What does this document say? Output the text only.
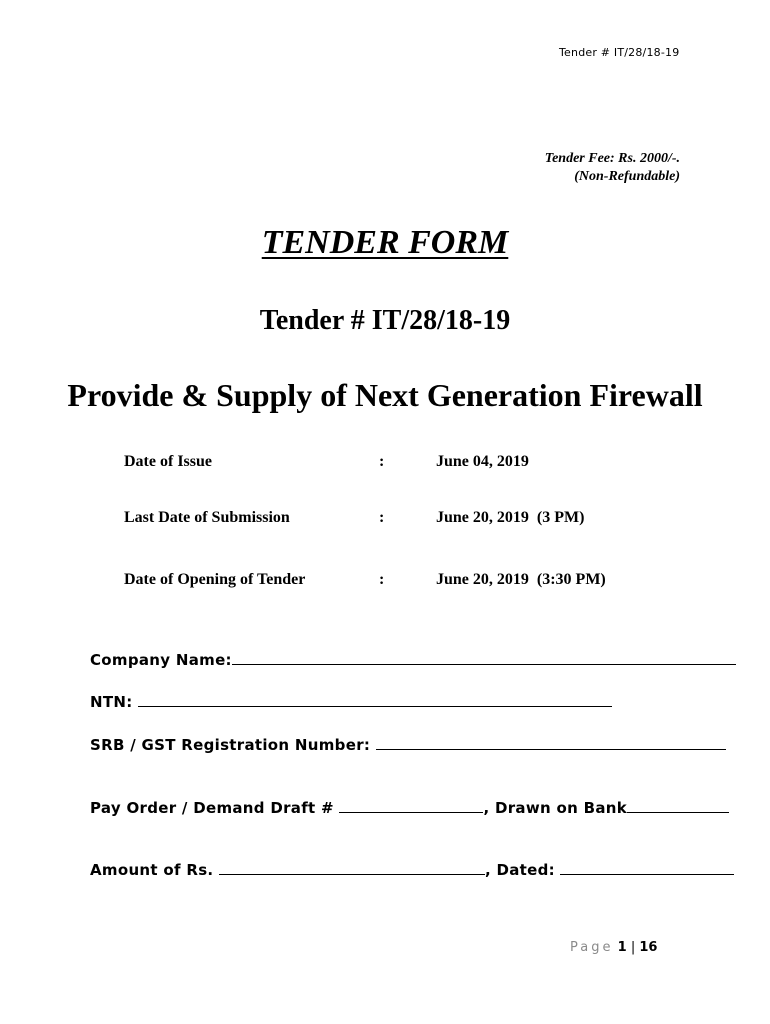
Tender # IT/28/18-19
Tender Fee: Rs. 2000/-.
(Non-Refundable)
TENDER FORM
Tender # IT/28/18-19
Provide & Supply of Next Generation Firewall
Date of Issue	:	June 04, 2019
Last Date of Submission	:	June 20, 2019  (3 PM)
Date of Opening of Tender	:	June 20, 2019  (3:30 PM)
Company Name:
NTN:
SRB / GST Registration Number:
Pay Order / Demand Draft #	, Drawn on Bank
Amount of Rs.	, Dated:
Page 1 | 16
